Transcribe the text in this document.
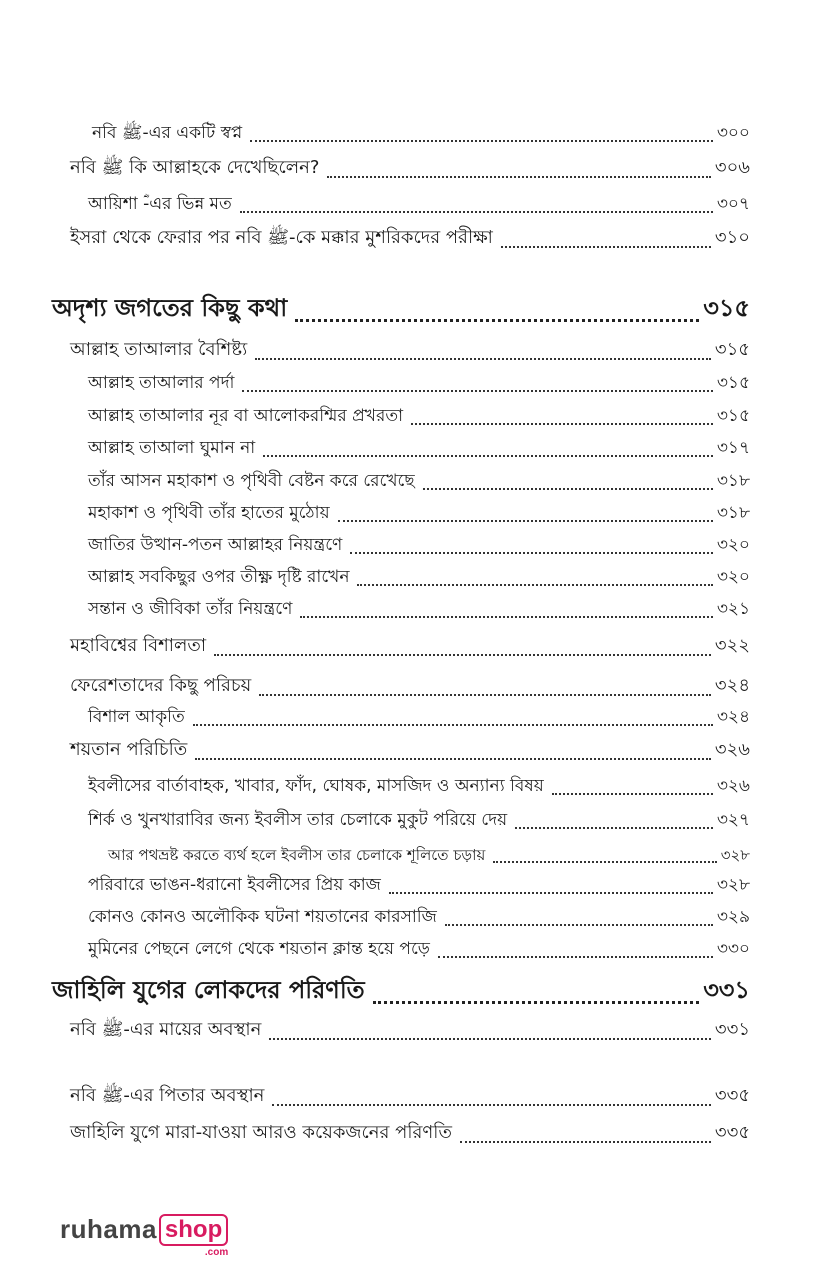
নবি ﷺ-এর একটি স্বপ্ন	৩০০
নবি ﷺ কি আল্লাহকে দেখেছিলেন?	৩০৬
আয়িশা ؓ-এর ভিন্ন মত	৩০৭
ইসরা থেকে ফেরার পর নবি ﷺ-কে মক্কার মুশরিকদের পরীক্ষা	৩১০
অদৃশ্য জগতের কিছু কথা	৩১৫
আল্লাহ তাআলার বৈশিষ্ট্য	৩১৫
আল্লাহ তাআলার পর্দা	৩১৫
আল্লাহ তাআলার নূর বা আলোকরশ্মির প্রখরতা	৩১৫
আল্লাহ তাআলা ঘুমান না	৩১৭
তাঁর আসন মহাকাশ ও পৃথিবী বেষ্টন করে রেখেছে	৩১৮
মহাকাশ ও পৃথিবী তাঁর হাতের মুঠোয়	৩১৮
জাতির উত্থান-পতন আল্লাহর নিয়ন্ত্রণে	৩২০
আল্লাহ সবকিছুর ওপর তীক্ষ্ণ দৃষ্টি রাখেন	৩২০
সন্তান ও জীবিকা তাঁর নিয়ন্ত্রণে	৩২১
মহাবিশ্বের বিশালতা	৩২২
ফেরেশতাদের কিছু পরিচয়	৩২৪
বিশাল আকৃতি	৩২৪
শয়তান পরিচিতি	৩২৬
ইবলীসের বার্তাবাহক, খাবার, ফাঁদ, ঘোষক, মাসজিদ ও অন্যান্য বিষয়	৩২৬
শির্ক ও খুনখারাবির জন্য ইবলীস তার চেলাকে মুকুট পরিয়ে দেয়	৩২৭
আর পথভ্রষ্ট করতে ব্যর্থ হলে ইবলীস তার চেলাকে শূলিতে চড়ায়	৩২৮
পরিবারে ভাঙন-ধরানো ইবলীসের প্রিয় কাজ	৩২৮
কোনও কোনও অলৌকিক ঘটনা শয়তানের কারসাজি	৩২৯
মুমিনের পেছনে লেগে থেকে শয়তান ক্লান্ত হয়ে পড়ে	৩৩০
জাহিলি যুগের লোকদের পরিণতি	৩৩১
নবি ﷺ-এর মায়ের অবস্থান	৩৩১
নবি ﷺ-এর পিতার অবস্থান	৩৩৫
জাহিলি যুগে মারা-যাওয়া আরও কয়েকজনের পরিণতি	৩৩৫
ruhama shop
.com
